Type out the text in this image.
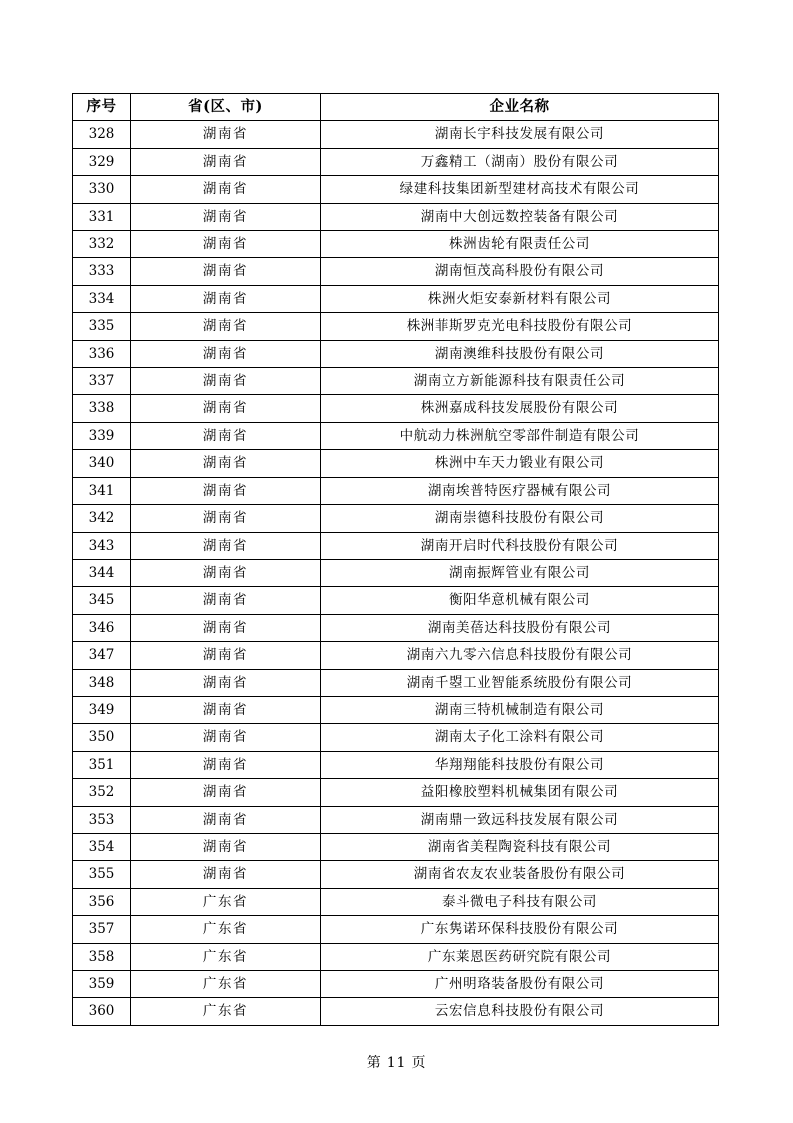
序号	省(区、市)	企业名称
328	湖南省	湖南长宇科技发展有限公司
329	湖南省	万鑫精工（湖南）股份有限公司
330	湖南省	绿建科技集团新型建材高技术有限公司
331	湖南省	湖南中大创远数控装备有限公司
332	湖南省	株洲齿轮有限责任公司
333	湖南省	湖南恒茂高科股份有限公司
334	湖南省	株洲火炬安泰新材料有限公司
335	湖南省	株洲菲斯罗克光电科技股份有限公司
336	湖南省	湖南澳维科技股份有限公司
337	湖南省	湖南立方新能源科技有限责任公司
338	湖南省	株洲嘉成科技发展股份有限公司
339	湖南省	中航动力株洲航空零部件制造有限公司
340	湖南省	株洲中车天力锻业有限公司
341	湖南省	湖南埃普特医疗器械有限公司
342	湖南省	湖南崇德科技股份有限公司
343	湖南省	湖南开启时代科技股份有限公司
344	湖南省	湖南振辉管业有限公司
345	湖南省	衡阳华意机械有限公司
346	湖南省	湖南美蓓达科技股份有限公司
347	湖南省	湖南六九零六信息科技股份有限公司
348	湖南省	湖南千曌工业智能系统股份有限公司
349	湖南省	湖南三特机械制造有限公司
350	湖南省	湖南太子化工涂料有限公司
351	湖南省	华翔翔能科技股份有限公司
352	湖南省	益阳橡胶塑料机械集团有限公司
353	湖南省	湖南鼎一致远科技发展有限公司
354	湖南省	湖南省美程陶瓷科技有限公司
355	湖南省	湖南省农友农业装备股份有限公司
356	广东省	泰斗微电子科技有限公司
357	广东省	广东隽诺环保科技股份有限公司
358	广东省	广东莱恩医药研究院有限公司
359	广东省	广州明珞装备股份有限公司
360	广东省	云宏信息科技股份有限公司
第 11 页
